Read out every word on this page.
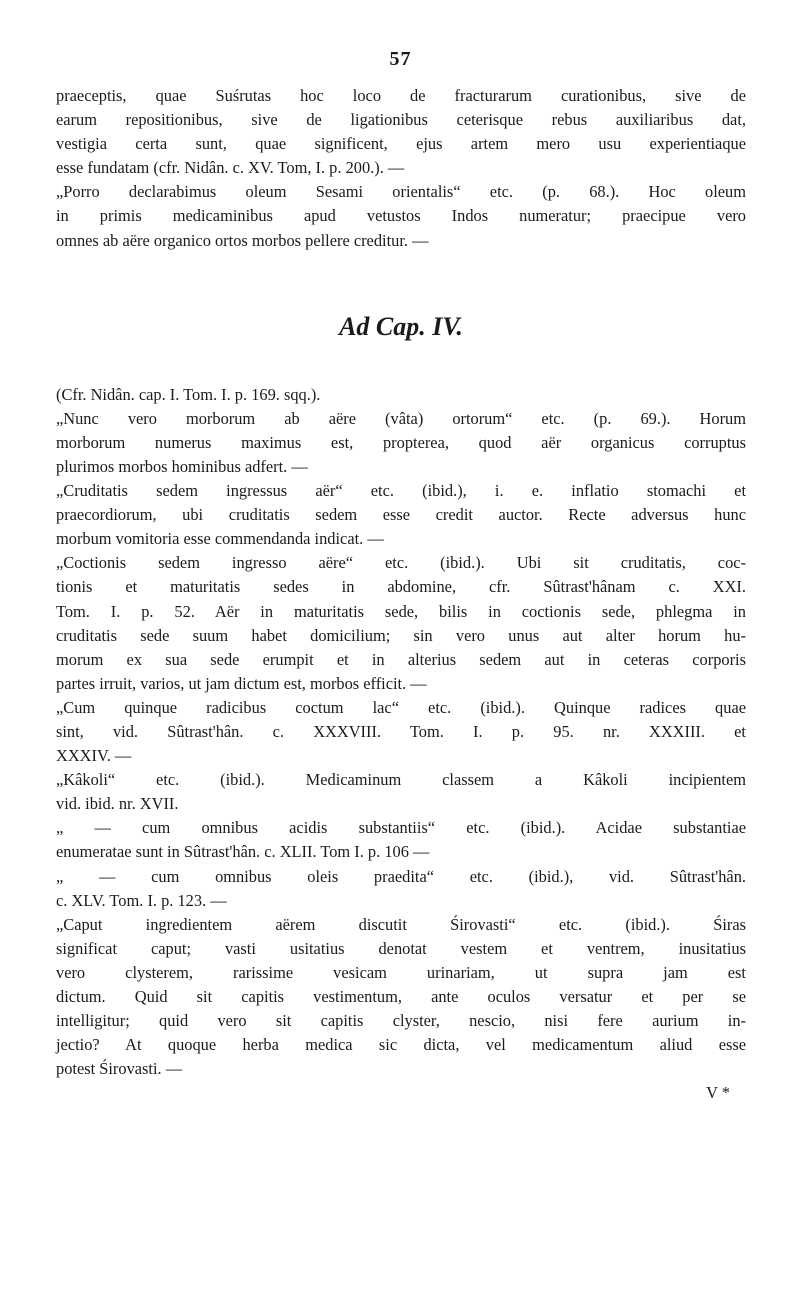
57
praeceptis, quae Suśrutas hoc loco de fracturarum curationibus, sive de
earum repositionibus, sive de ligationibus ceterisque rebus auxiliaribus dat,
vestigia certa sunt, quae significent, ejus artem mero usu experientiaque
esse fundatam (cfr. Nidân. c. XV. Tom, I. p. 200.). —
„Porro declarabimus oleum Sesami orientalis“ etc. (p. 68.). Hoc oleum
in primis medicaminibus apud vetustos Indos numeratur; praecipue vero
omnes ab aëre organico ortos morbos pellere creditur. —
Ad Cap. IV.
(Cfr. Nidân. cap. I. Tom. I. p. 169. sqq.).
„Nunc vero morborum ab aëre (vâta) ortorum“ etc. (p. 69.). Horum
morborum numerus maximus est, propterea, quod aër organicus corruptus
plurimos morbos hominibus adfert. —
„Cruditatis sedem ingressus aër“ etc. (ibid.), i. e. inflatio stomachi et
praecordiorum, ubi cruditatis sedem esse credit auctor. Recte adversus hunc
morbum vomitoria esse commendanda indicat. —
„Coctionis sedem ingresso aëre“ etc. (ibid.). Ubi sit cruditatis, coc-
tionis et maturitatis sedes in abdomine, cfr. Sûtrast'hânam c. XXI.
Tom. I. p. 52. Aër in maturitatis sede, bilis in coctionis sede, phlegma in
cruditatis sede suum habet domicilium; sin vero unus aut alter horum hu-
morum ex sua sede erumpit et in alterius sedem aut in ceteras corporis
partes irruit, varios, ut jam dictum est, morbos efficit. —
„Cum quinque radicibus coctum lac“ etc. (ibid.). Quinque radices quae
sint, vid. Sûtrast'hân. c. XXXVIII. Tom. I. p. 95. nr. XXXIII. et
XXXIV. —
„Kâkoli“ etc. (ibid.). Medicaminum classem a Kâkoli incipientem
vid. ibid. nr. XVII.
„ — cum omnibus acidis substantiis“ etc. (ibid.). Acidae substantiae
enumeratae sunt in Sûtrast'hân. c. XLII. Tom I. p. 106 —
„ — cum omnibus oleis praedita“ etc. (ibid.), vid. Sûtrast'hân.
c. XLV. Tom. I. p. 123. —
„Caput ingredientem aërem discutit Śirovasti“ etc. (ibid.). Śiras
significat caput; vasti usitatius denotat vestem et ventrem, inusitatius
vero clysterem, rarissime vesicam urinariam, ut supra jam est
dictum. Quid sit capitis vestimentum, ante oculos versatur et per se
intelligitur; quid vero sit capitis clyster, nescio, nisi fere aurium in-
jectio? At quoque herba medica sic dicta, vel medicamentum aliud esse
potest Śirovasti. —
V *
